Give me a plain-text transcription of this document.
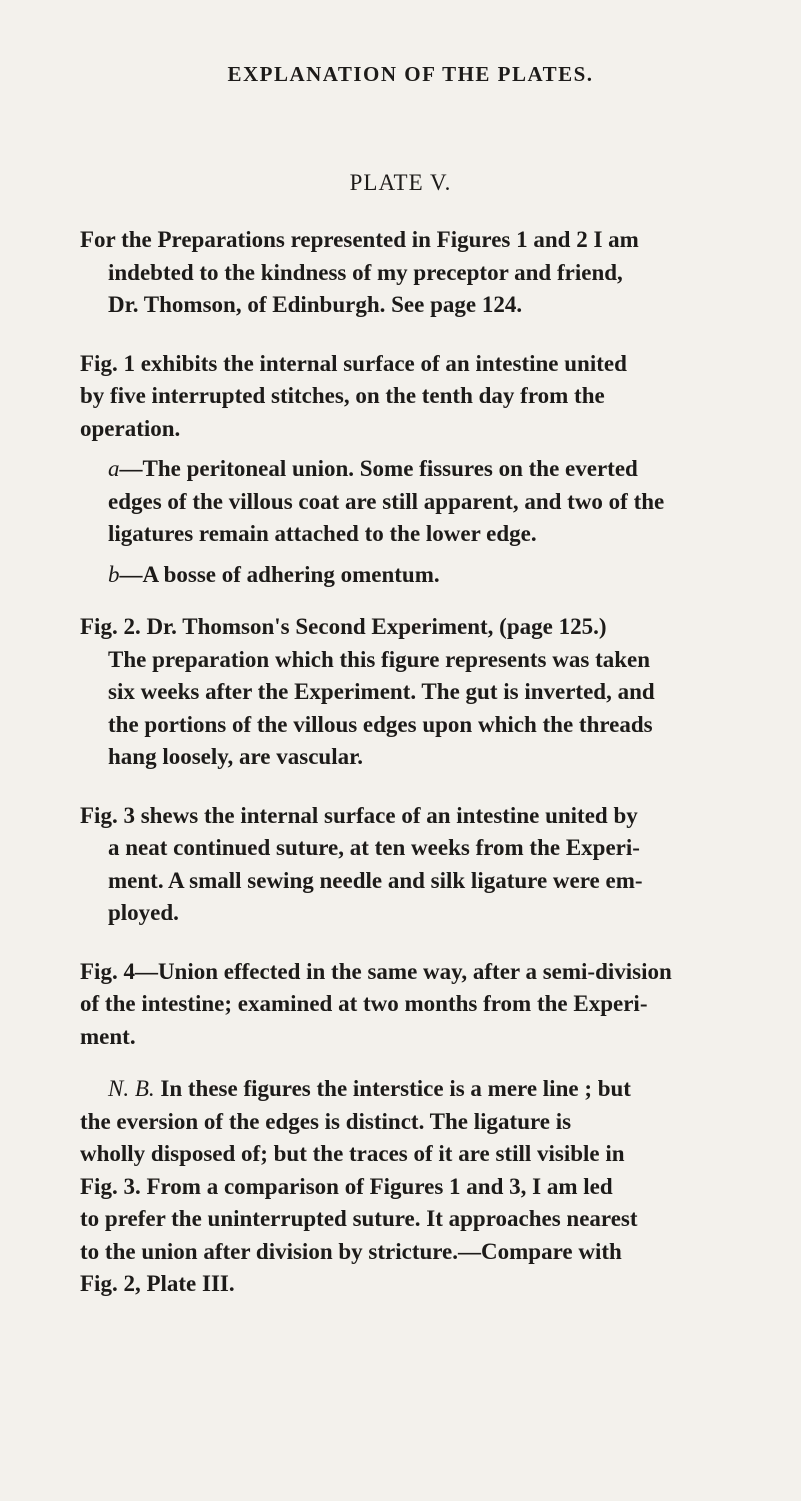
EXPLANATION OF THE PLATES.
PLATE V.
For the Preparations represented in Figures 1 and 2 I am
indebted to the kindness of my preceptor and friend,
Dr. Thomson, of Edinburgh. See page 124.
Fig. 1 exhibits the internal surface of an intestine united
by five interrupted stitches, on the tenth day from the
operation.
a—The peritoneal union. Some fissures on the everted
edges of the villous coat are still apparent, and two of the
ligatures remain attached to the lower edge.
b—A bosse of adhering omentum.
Fig. 2. Dr. Thomson's Second Experiment, (page 125.)
The preparation which this figure represents was taken
six weeks after the Experiment. The gut is inverted, and
the portions of the villous edges upon which the threads
hang loosely, are vascular.
Fig. 3 shews the internal surface of an intestine united by
a neat continued suture, at ten weeks from the Experi-
ment. A small sewing needle and silk ligature were em-
ployed.
Fig. 4—Union effected in the same way, after a semi-division
of the intestine; examined at two months from the Experi-
ment.
N. B. In these figures the interstice is a mere line ; but
the eversion of the edges is distinct. The ligature is
wholly disposed of; but the traces of it are still visible in
Fig. 3. From a comparison of Figures 1 and 3, I am led
to prefer the uninterrupted suture. It approaches nearest
to the union after division by stricture.—Compare with
Fig. 2, Plate III.
